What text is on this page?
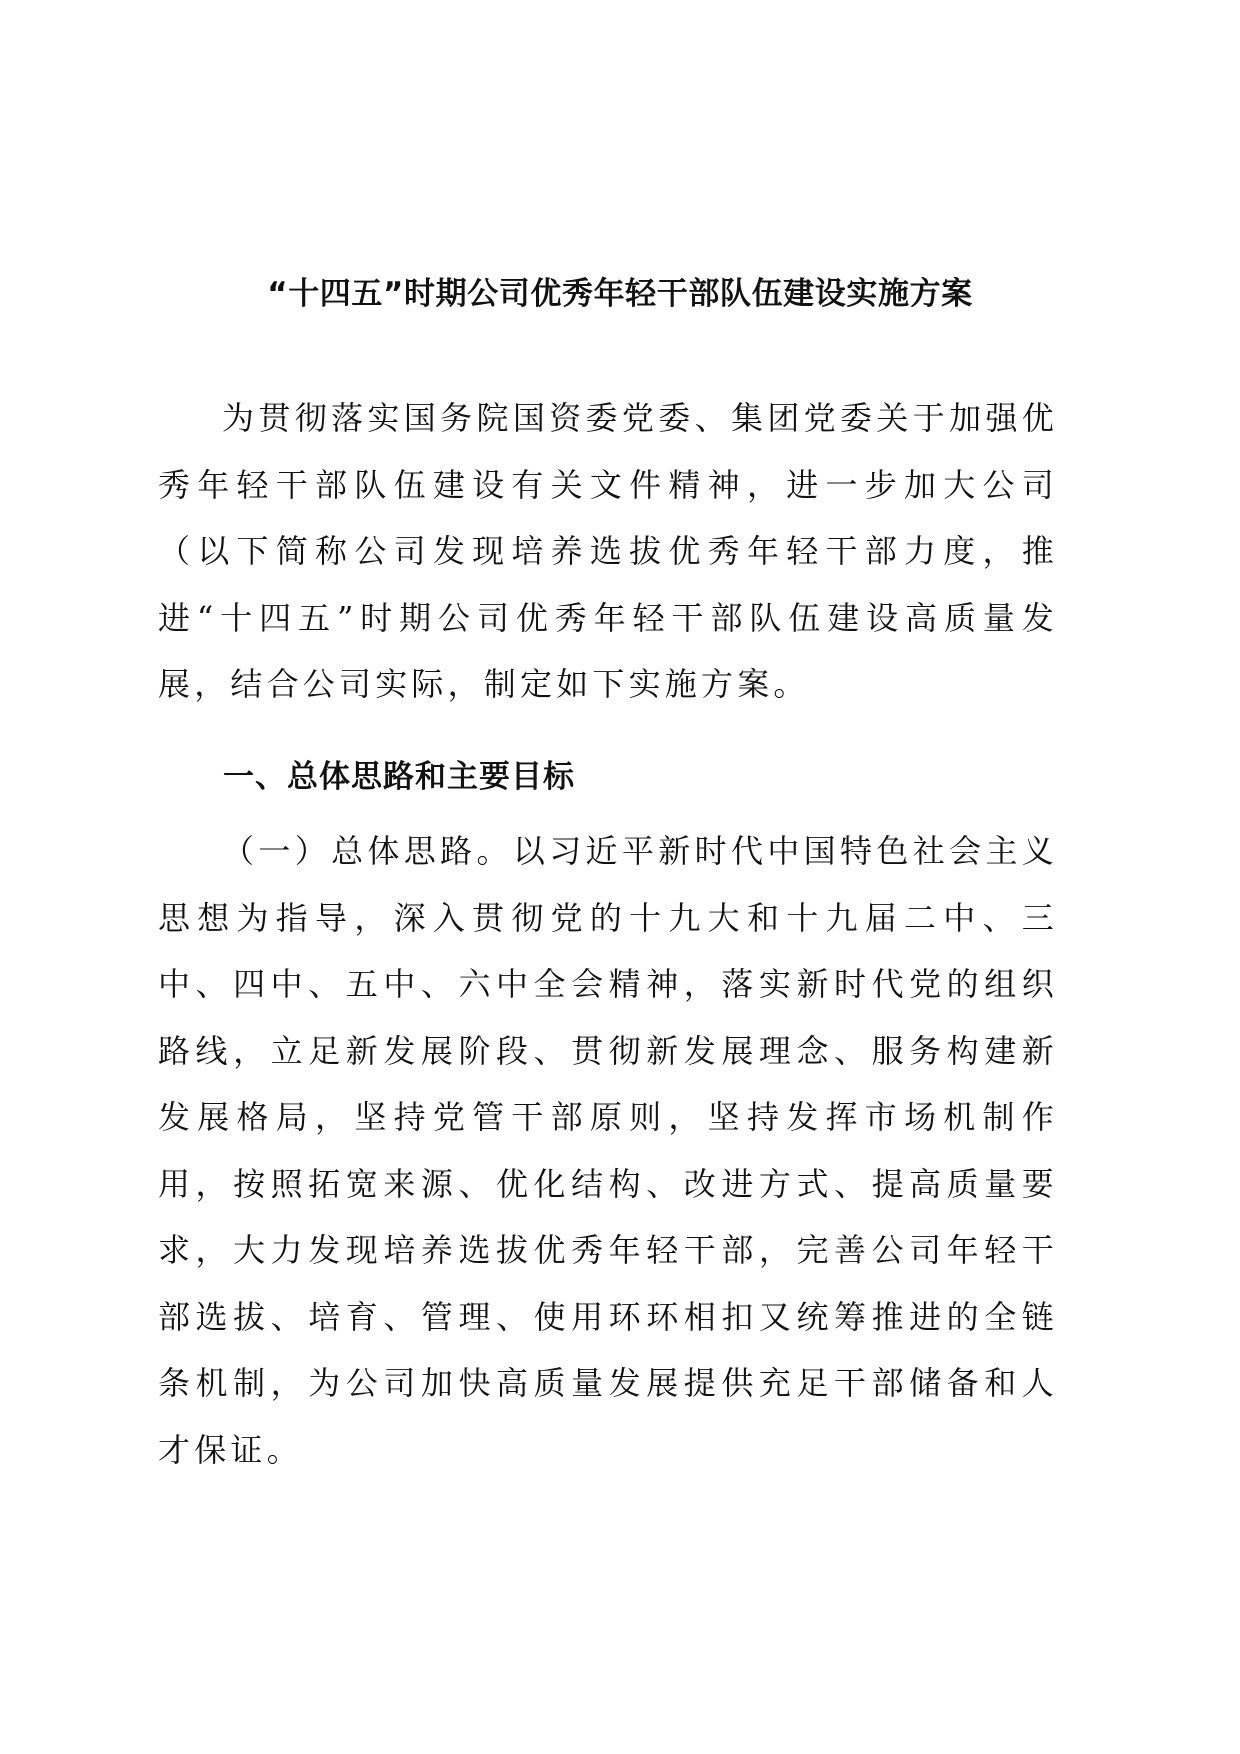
“十四五”时期公司优秀年轻干部队伍建设实施方案

为贯彻落实国务院国资委党委、集团党委关于加强优秀年轻干部队伍建设有关文件精神，进一步加大公司（以下简称公司发现培养选拔优秀年轻干部力度，推进“十四五”时期公司优秀年轻干部队伍建设高质量发展，结合公司实际，制定如下实施方案。

一、总体思路和主要目标

（一）总体思路。以习近平新时代中国特色社会主义思想为指导，深入贯彻党的十九大和十九届二中、三中、四中、五中、六中全会精神，落实新时代党的组织路线，立足新发展阶段、贯彻新发展理念、服务构建新发展格局，坚持党管干部原则，坚持发挥市场机制作用，按照拓宽来源、优化结构、改进方式、提高质量要求，大力发现培养选拔优秀年轻干部，完善公司年轻干部选拔、培育、管理、使用环环相扣又统筹推进的全链条机制，为公司加快高质量发展提供充足干部储备和人才保证。
